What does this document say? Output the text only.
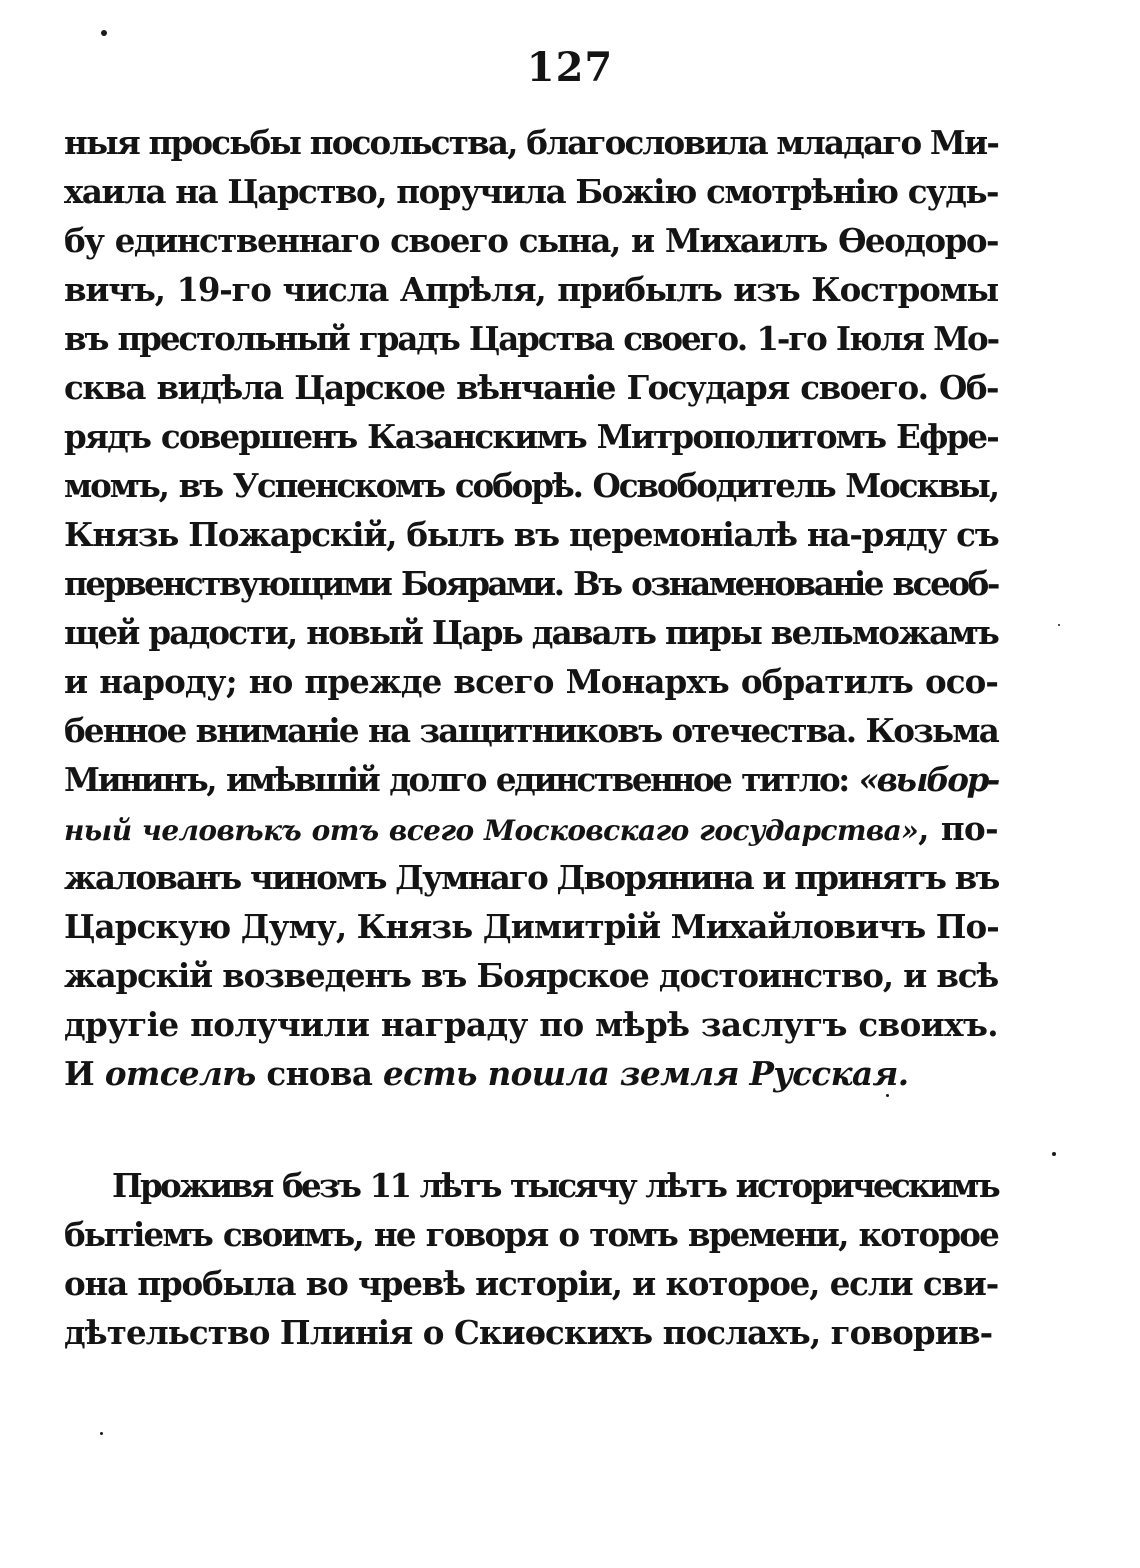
127
ныя просьбы посольства, благословила младаго Ми-
хаила на Царство, поручила Божію смотрѣнію судь-
бу единственнаго своего сына, и Михаилъ Ѳеодоро-
вичъ, 19-го числа Апрѣля, прибылъ изъ Костромы
въ престольный градъ Царства своего. 1-го Іюля Мо-
сква видѣла Царское вѣнчаніе Государя своего. Об-
рядъ совершенъ Казанскимъ Митрополитомъ Ефре-
момъ, въ Успенскомъ соборѣ. Освободитель Москвы,
Князь Пожарскій, былъ въ церемоніалѣ на-ряду съ
первенствующими Боярами. Въ ознаменованіе всеоб-
щей радости, новый Царь давалъ пиры вельможамъ
и народу; но прежде всего Монархъ обратилъ осо-
бенное вниманіе на защитниковъ отечества. Козьма
Мининъ, имѣвшій долго единственное титло: «выбор-
ный человѣкъ отъ всего Московскаго государства», по-
жалованъ чиномъ Думнаго Дворянина и принятъ въ
Царскую Думу, Князь Димитрій Михайловичъ По-
жарскій возведенъ въ Боярское достоинство, и всѣ
другіе получили награду по мѣрѣ заслугъ своихъ.
И отселѣ снова есть пошла земля Русская.
Проживя безъ 11 лѣтъ тысячу лѣтъ историческимъ
бытіемъ своимъ, не говоря о томъ времени, которое
она пробыла во чревѣ исторіи, и которое, если сви-
дѣтельство Плинія о Скиѳскихъ послахъ, говорив-
